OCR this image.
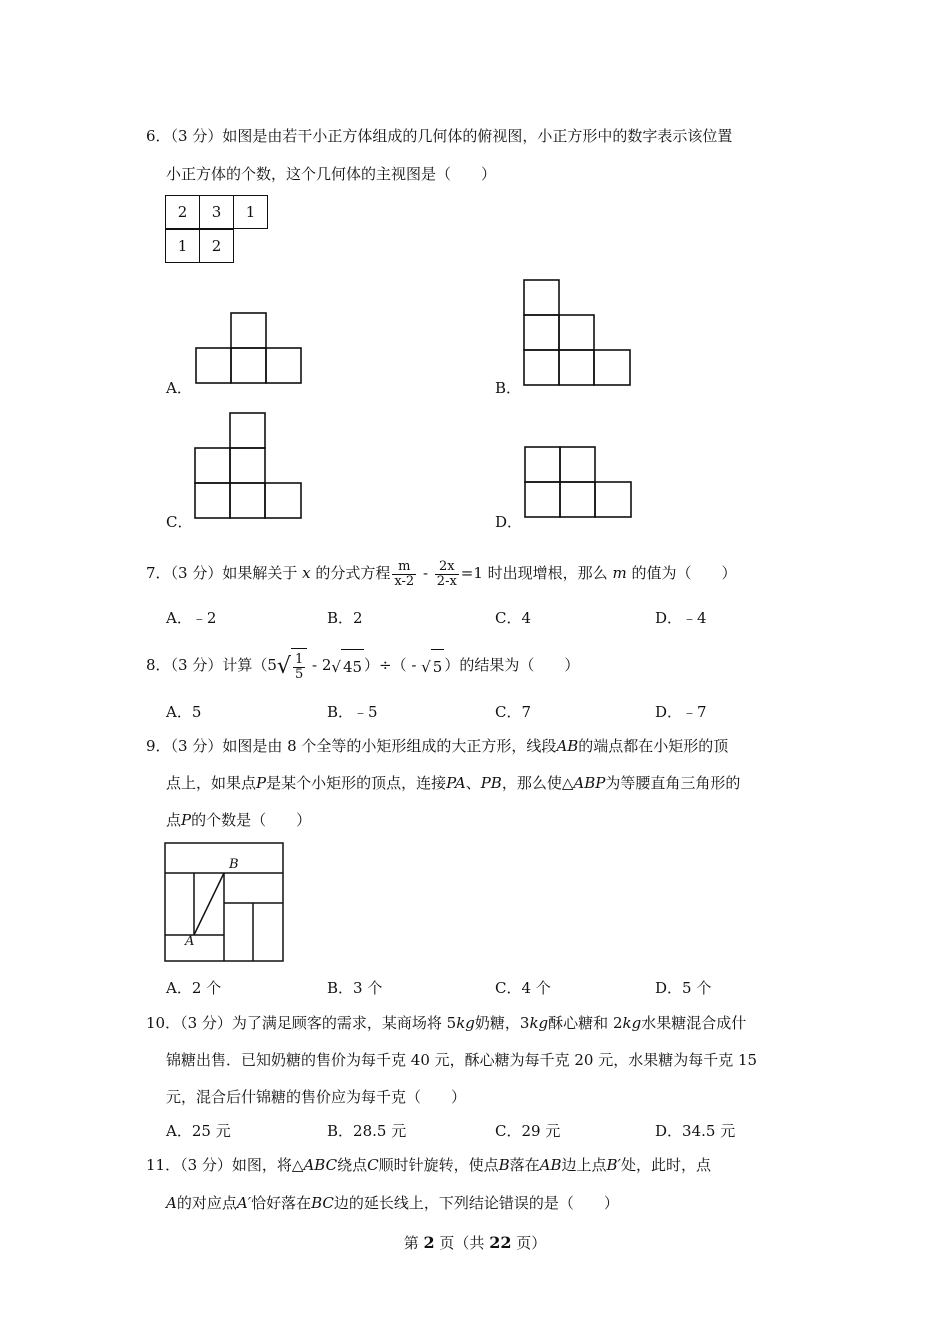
6．（3 分）如图是由若干小正方体组成的几何体的俯视图，小正方形中的数字表示该位置
小正方体的个数，这个几何体的主视图是（　　）
2	3	1
1	2
A．	B．
C．	D．
7．（3 分）如果解关于 x 的分式方程 $\frac{m}{x-2} - \frac{2x}{2-x} =1$ 时出现增根，那么 m 的值为（　　）
A．﹣2	B．2	C．4	D．﹣4
8．（3 分）计算（$5√ \frac{1}{5} - 2√$ 45 ）÷（ - √ 5 ）的结果为（　　）
A．5	B．﹣5	C．7	D．﹣7
9．（3 分）如图是由 8 个全等的小矩形组成的大正方形，线段AB的端点都在小矩形的顶
点上，如果点P是某个小矩形的顶点，连接PA、PB，那么使△ABP为等腰直角三角形的
点P的个数是（　　）
B
A
A．2 个	B．3 个	C．4 个	D．5 个
10．（3 分）为了满足顾客的需求，某商场将 5kg奶糖，3kg酥心糖和 2kg水果糖混合成什
锦糖出售．已知奶糖的售价为每千克 40 元，酥心糖为每千克 20 元，水果糖为每千克 15
元，混合后什锦糖的售价应为每千克（　　）
A．25 元	B．28.5 元	C．29 元	D．34.5 元
11．（3 分）如图，将△ABC绕点C顺时针旋转，使点B落在AB边上点B′处，此时，点
A的对应点A′恰好落在BC边的延长线上，下列结论错误的是（　　）
第 2 页（共 22 页）
